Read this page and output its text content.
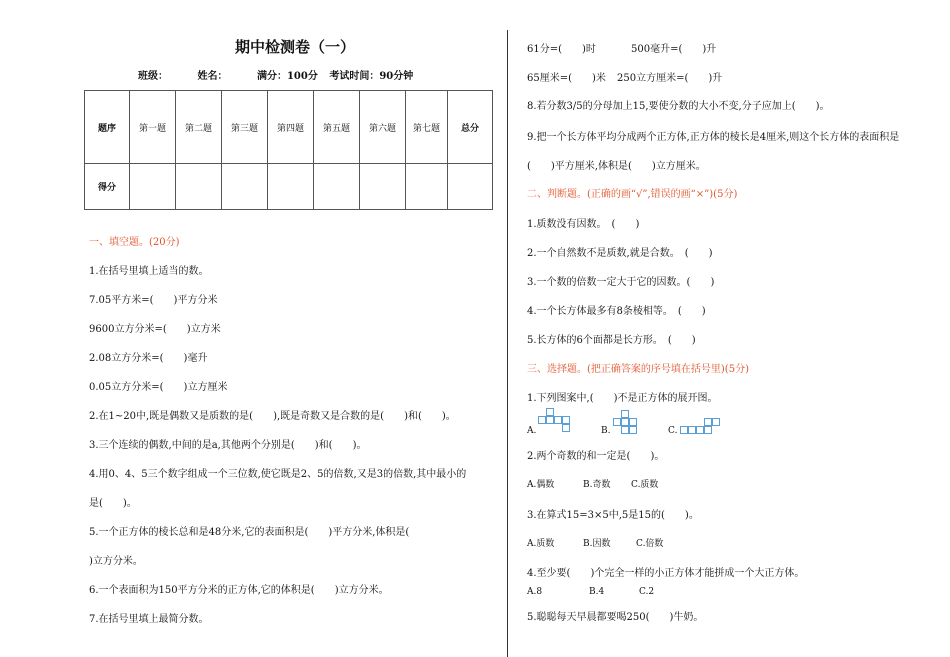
期中检测卷（一）
班级：	姓名：	满分：100分 考试时间：90分钟
题序	第一题	第二题	第三题	第四题	第五题	第六题	第七题	总分
得分								
一、填空题。(20分)
1.在括号里填上适当的数。
7.05平方米=(　　)平方分米
9600立方分米=(　　)立方米
2.08立方分米=(　　)毫升
0.05立方分米=(　　)立方厘米
2.在1~20中,既是偶数又是质数的是(　　),既是奇数又是合数的是(　　)和(　　)。
3.三个连续的偶数,中间的是a,其他两个分别是(　　)和(　　)。
4.用0、4、5三个数字组成一个三位数,使它既是2、5的倍数,又是3的倍数,其中最小的
是(　　)。
5.一个正方体的棱长总和是48分米,它的表面积是(　　)平方分米,体积是(
)立方分米。
6.一个表面积为150平方分米的正方体,它的体积是(　　)立方分米。
7.在括号里填上最简分数。
61分=(　　)时	500毫升=(　　)升
65厘米=(　　)米 250立方厘米=(　　)升
8.若分数3/5的分母加上15,要使分数的大小不变,分子应加上(　　)。
9.把一个长方体平均分成两个正方体,正方体的棱长是4厘米,则这个长方体的表面积是
(　　)平方厘米,体积是(　　)立方厘米。
二、判断题。(正确的画“√”,错误的画“×”)(5分)
1.质数没有因数。　(　　)
2.一个自然数不是质数,就是合数。　(　　)
3.一个数的倍数一定大于它的因数。(　　)
4.一个长方体最多有8条棱相等。　(　　)
5.长方体的6个面都是长方形。　(　　)
三、选择题。(把正确答案的序号填在括号里)(5分)
1.下列图案中,(　　)不是正方体的展开图。
A.	B.	C.
2.两个奇数的和一定是(　　)。
A.偶数	B.奇数 C.质数
3.在算式15=3×5中,5是15的(　　)。
A.质数	B.因数	C.倍数
4.至少要(　　)个完全一样的小正方体才能拼成一个大正方体。
A.8	B.4	C.2
5.聪聪每天早晨都要喝250(　　)牛奶。
